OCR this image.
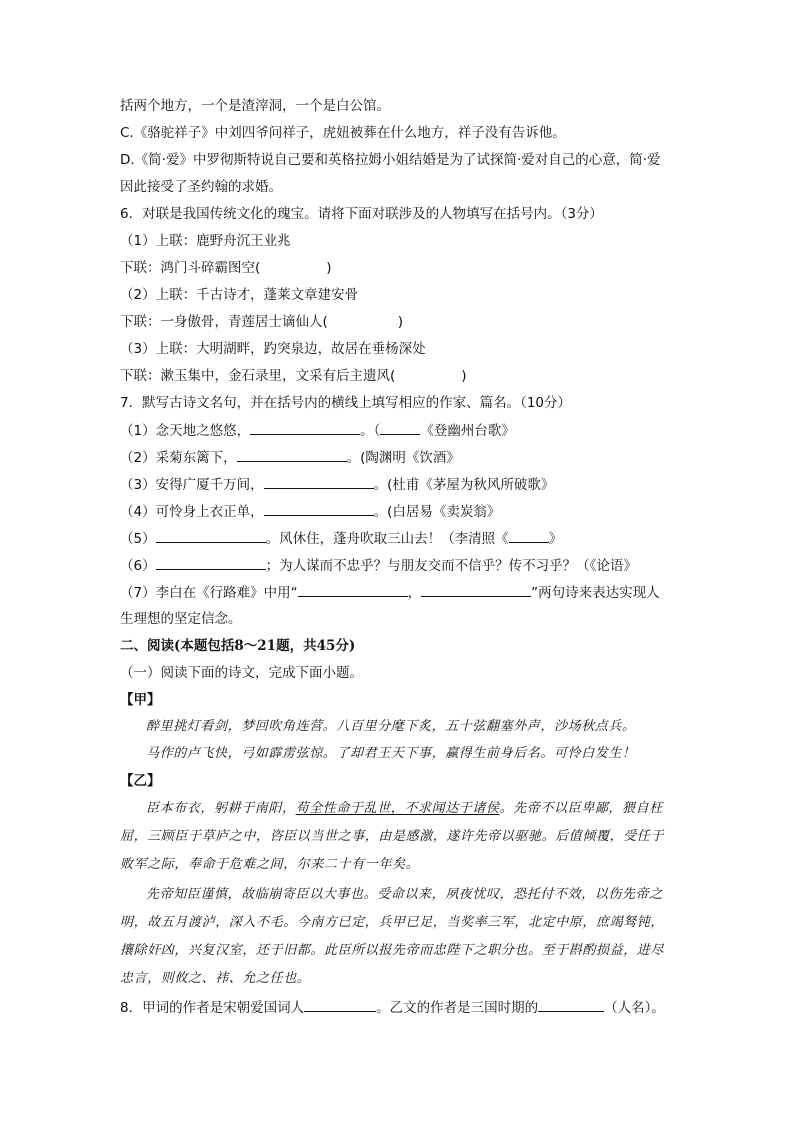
括两个地方，一个是渣滓洞，一个是白公馆。
C.《骆驼祥子》中刘四爷问祥子，虎妞被葬在什么地方，祥子没有告诉他。
D.《简·爱》中罗彻斯特说自己要和英格拉姆小姐结婚是为了试探简·爱对自己的心意，简·爱
因此接受了圣约翰的求婚。
6．对联是我国传统文化的瑰宝。请将下面对联涉及的人物填写在括号内。（3分）
（1）上联：鹿野舟沉王业兆
下联：鸿门斗碎霸图空(	)
（2）上联：千古诗才，蓬莱文章建安骨
下联：一身傲骨，青莲居士谪仙人(	)
（3）上联：大明湖畔，趵突泉边，故居在垂杨深处
下联：漱玉集中，金石录里，文采有后主遗风(	)
7．默写古诗文名句，并在括号内的横线上填写相应的作家、篇名。（10分）
（1）念天地之悠悠，	。（	《登幽州台歌》
（2）采菊东篱下，	。(陶渊明《饮酒》
（3）安得广厦千万间，	。(杜甫《茅屋为秋风所破歌》
（4）可怜身上衣正单，	。(白居易《卖炭翁》
（5）	。风休住，蓬舟吹取三山去！（李清照《	》
（6）	；为人谋而不忠乎？与朋友交而不信乎？传不习乎？（《论语》
（7）李白在《行路难》中用“	，	”两句诗来表达实现人
生理想的坚定信念。
二、阅读(本题包括8～21题，共45分)
（一）阅读下面的诗文，完成下面小题。
【甲】
醉里挑灯看剑，梦回吹角连营。八百里分麾下炙，五十弦翻塞外声，沙场秋点兵。
马作的卢飞快，弓如霹雳弦惊。了却君王天下事，赢得生前身后名。可怜白发生！
【乙】
臣本布衣，躬耕于南阳，苟全性命于乱世，不求闻达于诸侯。先帝不以臣卑鄙，猥自枉
屈，三顾臣于草庐之中，咨臣以当世之事，由是感激，遂许先帝以驱驰。后值倾覆，受任于
败军之际，奉命于危难之间，尔来二十有一年矣。
先帝知臣谨慎，故临崩寄臣以大事也。受命以来，夙夜忧叹，恐托付不效，以伤先帝之
明，故五月渡泸，深入不毛。今南方已定，兵甲已足，当奖率三军，北定中原，庶竭驽钝，
攘除奸凶，兴复汉室，还于旧都。此臣所以报先帝而忠陛下之职分也。至于斟酌损益，进尽
忠言，则攸之、祎、允之任也。
8．甲词的作者是宋朝爱国词人	。乙文的作者是三国时期的	（人名）。
